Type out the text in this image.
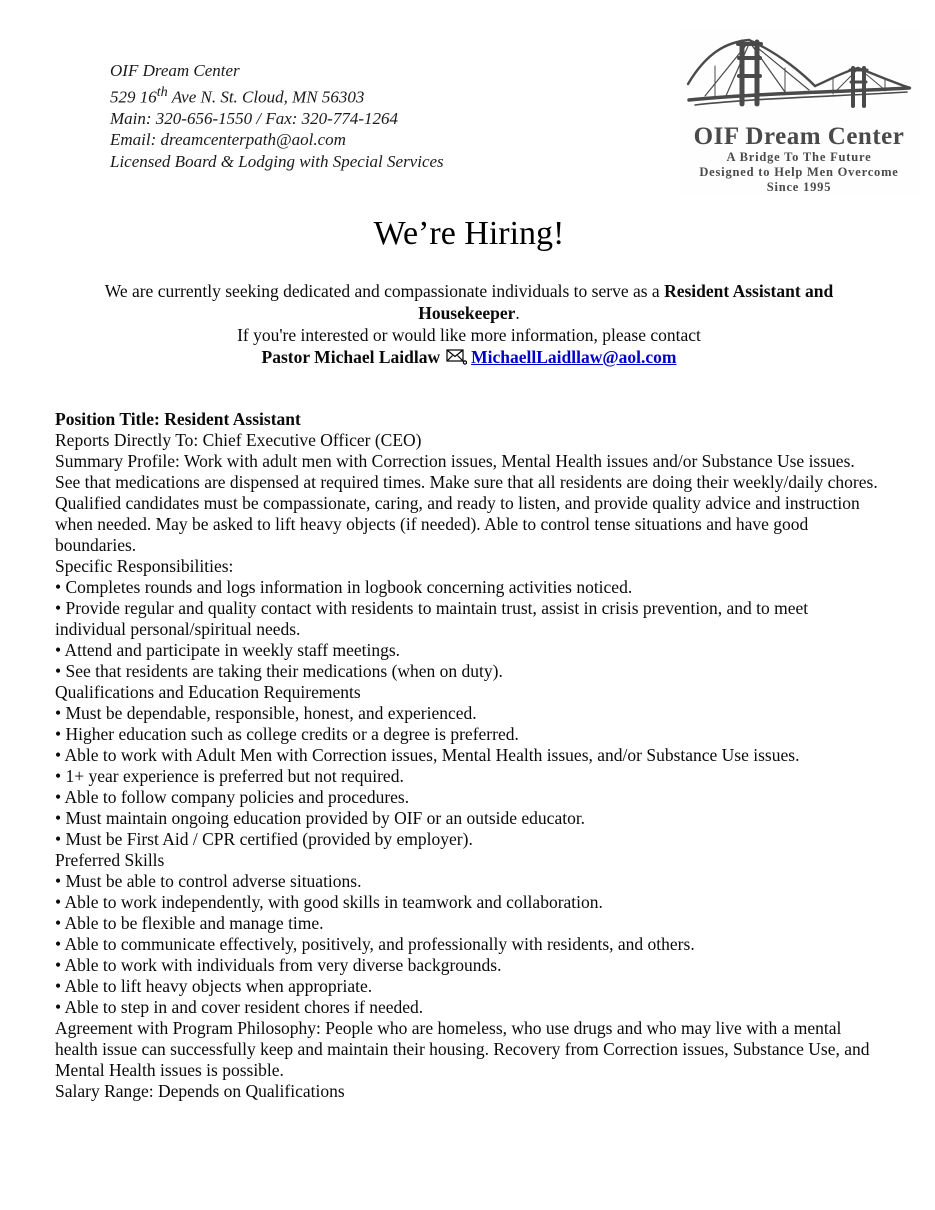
OIF Dream Center
529 16th Ave N. St. Cloud, MN 56303
Main: 320-656-1550 / Fax: 320-774-1264
Email: dreamcenterpath@aol.com
Licensed Board & Lodging with Special Services
OIF Dream Center
A Bridge To The Future
Designed to Help Men Overcome
Since 1995
We’re Hiring!

We are currently seeking dedicated and compassionate individuals to serve as a Resident Assistant and Housekeeper.

If you're interested or would like more information, please contact

Pastor Michael Laidlaw MichaellLaidllaw@aol.com

Position Title: Resident Assistant

Reports Directly To: Chief Executive Officer (CEO)

Summary Profile: Work with adult men with Correction issues, Mental Health issues and/or Substance Use issues. See that medications are dispensed at required times. Make sure that all residents are doing their weekly/daily chores. Qualified candidates must be compassionate, caring, and ready to listen, and provide quality advice and instruction when needed. May be asked to lift heavy objects (if needed). Able to control tense situations and have good boundaries.

Specific Responsibilities:

• Completes rounds and logs information in logbook concerning activities noticed.

• Provide regular and quality contact with residents to maintain trust, assist in crisis prevention, and to meet individual personal/spiritual needs.

• Attend and participate in weekly staff meetings.

• See that residents are taking their medications (when on duty).

Qualifications and Education Requirements

• Must be dependable, responsible, honest, and experienced.

• Higher education such as college credits or a degree is preferred.

• Able to work with Adult Men with Correction issues, Mental Health issues, and/or Substance Use issues.

• 1+ year experience is preferred but not required.

• Able to follow company policies and procedures.

• Must maintain ongoing education provided by OIF or an outside educator.

• Must be First Aid / CPR certified (provided by employer).

Preferred Skills

• Must be able to control adverse situations.

• Able to work independently, with good skills in teamwork and collaboration.

• Able to be flexible and manage time.

• Able to communicate effectively, positively, and professionally with residents, and others.

• Able to work with individuals from very diverse backgrounds.

• Able to lift heavy objects when appropriate.

• Able to step in and cover resident chores if needed.

Agreement with Program Philosophy: People who are homeless, who use drugs and who may live with a mental health issue can successfully keep and maintain their housing. Recovery from Correction issues, Substance Use, and Mental Health issues is possible.

Salary Range: Depends on Qualifications
